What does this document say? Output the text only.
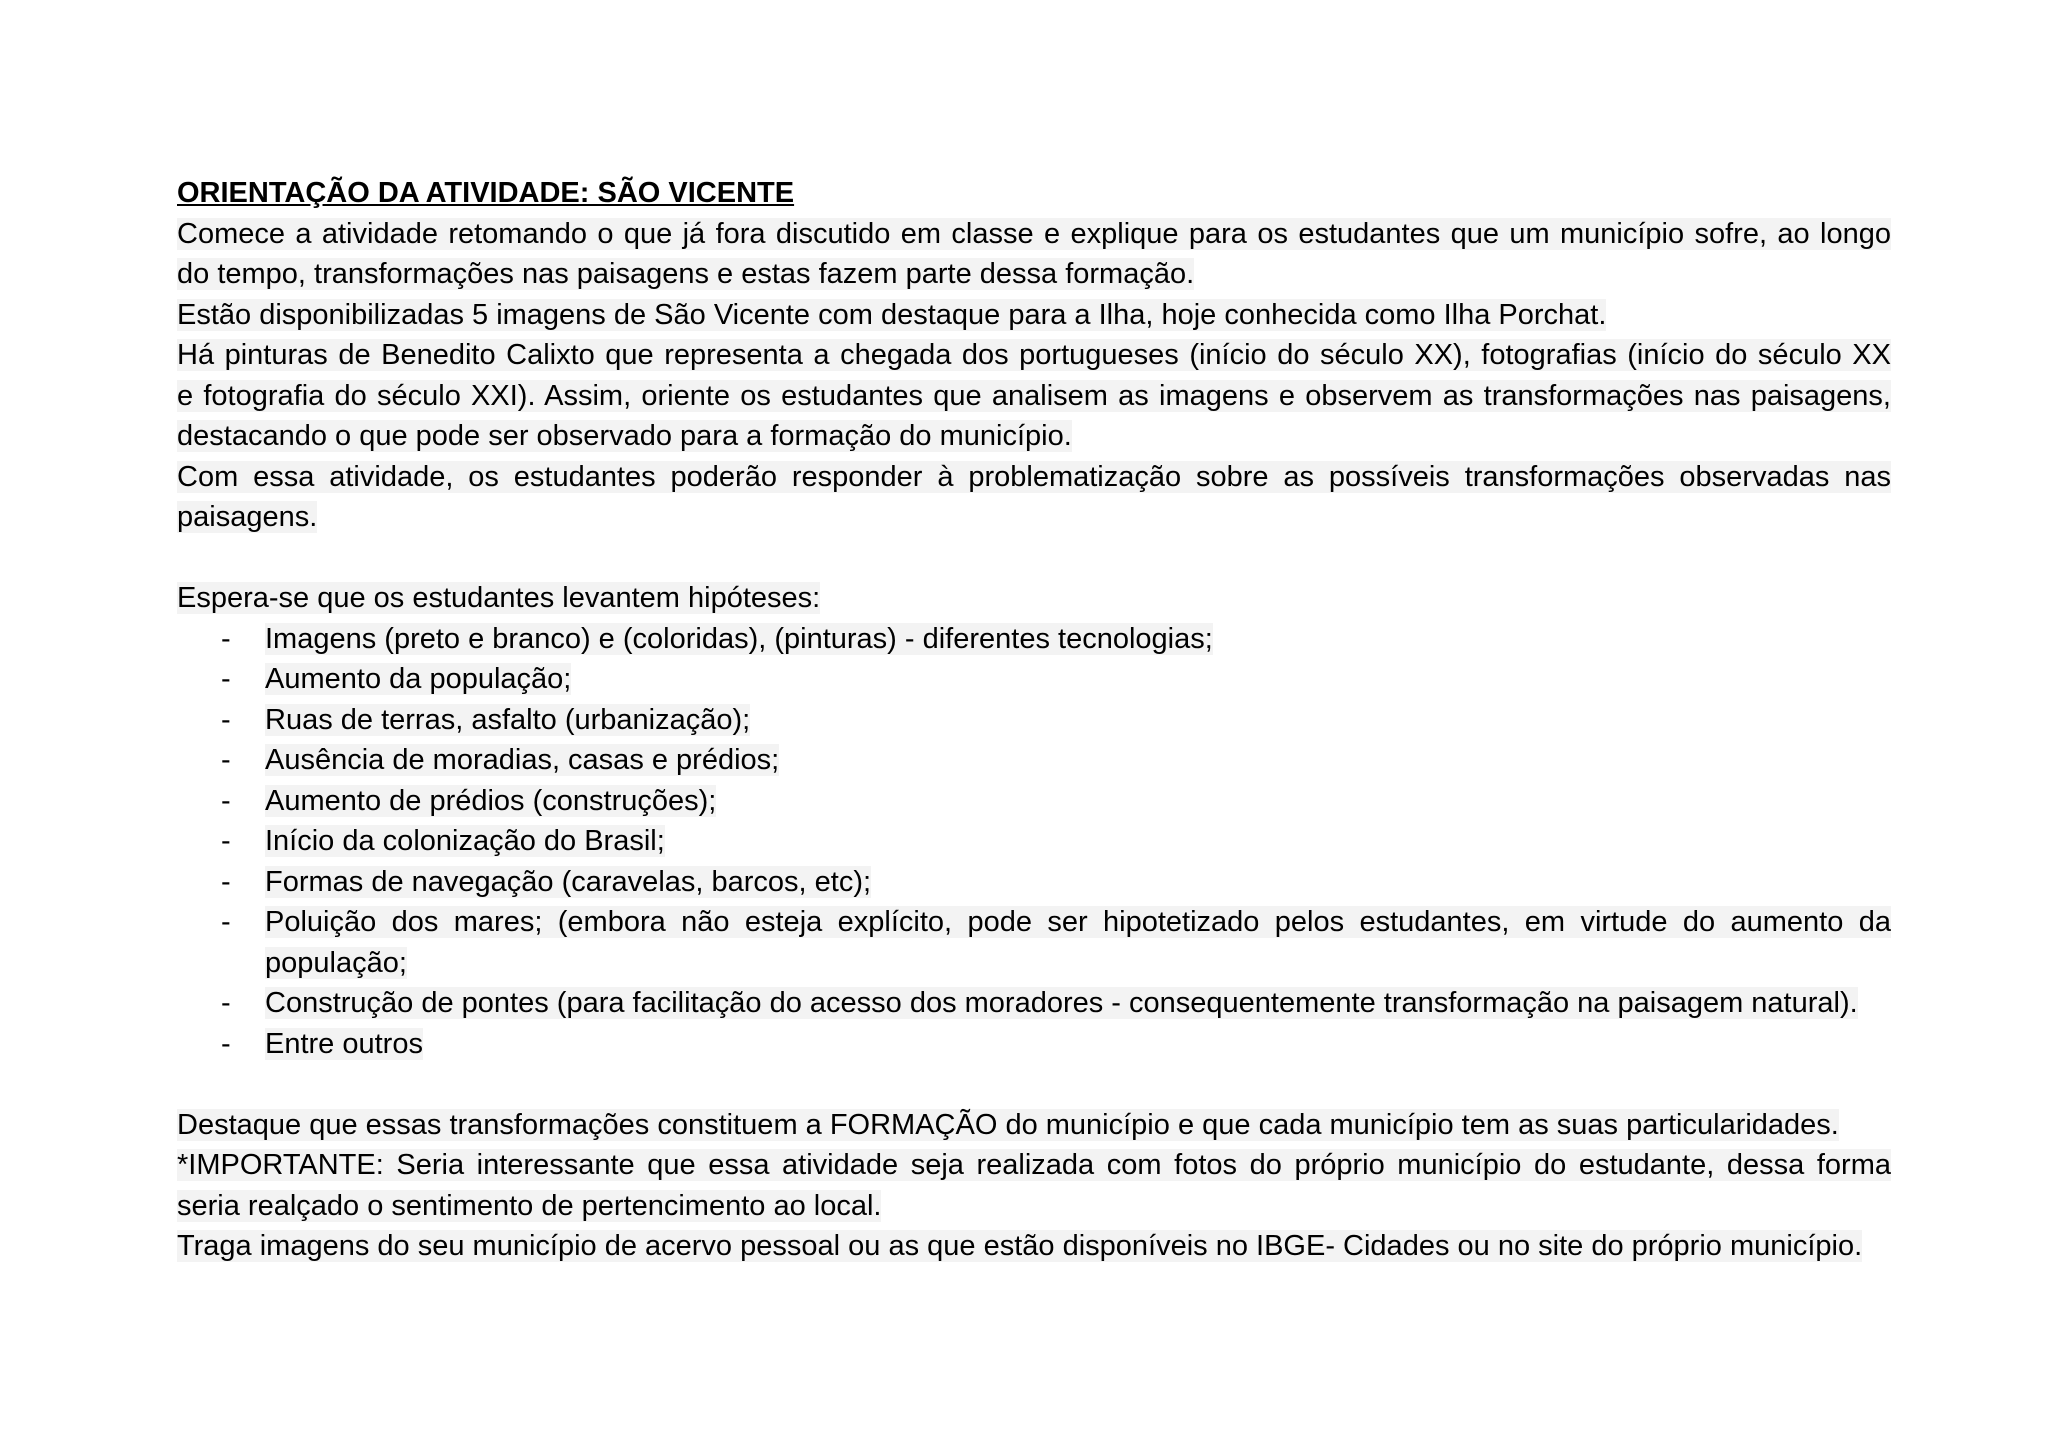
ORIENTAÇÃO DA ATIVIDADE: SÃO VICENTE
Comece a atividade retomando o que já fora discutido em classe e explique para os estudantes que um município sofre, ao longo
do tempo, transformações nas paisagens e estas fazem parte dessa formação.
Estão disponibilizadas 5 imagens de São Vicente com destaque para a Ilha, hoje conhecida como Ilha Porchat.
Há pinturas de Benedito Calixto que representa a chegada dos portugueses (início do século XX), fotografias (início do século XX
e fotografia do século XXI). Assim, oriente os estudantes que analisem as imagens e observem as transformações nas paisagens,
destacando o que pode ser observado para a formação do município.
Com essa atividade, os estudantes poderão responder à problematização sobre as possíveis transformações observadas nas
paisagens.
Espera-se que os estudantes levantem hipóteses:
-	Imagens (preto e branco) e (coloridas), (pinturas) - diferentes tecnologias;
-	Aumento da população;
-	Ruas de terras, asfalto (urbanização);
-	Ausência de moradias, casas e prédios;
-	Aumento de prédios (construções);
-	Início da colonização do Brasil;
-	Formas de navegação (caravelas, barcos, etc);
-	Poluição dos mares; (embora não esteja explícito, pode ser hipotetizado pelos estudantes, em virtude do aumento da
população;
-	Construção de pontes (para facilitação do acesso dos moradores - consequentemente transformação na paisagem natural).
-	Entre outros
Destaque que essas transformações constituem a FORMAÇÃO do município e que cada município tem as suas particularidades.
*IMPORTANTE: Seria interessante que essa atividade seja realizada com fotos do próprio município do estudante, dessa forma
seria realçado o sentimento de pertencimento ao local.
Traga imagens do seu município de acervo pessoal ou as que estão disponíveis no IBGE- Cidades ou no site do próprio município.
